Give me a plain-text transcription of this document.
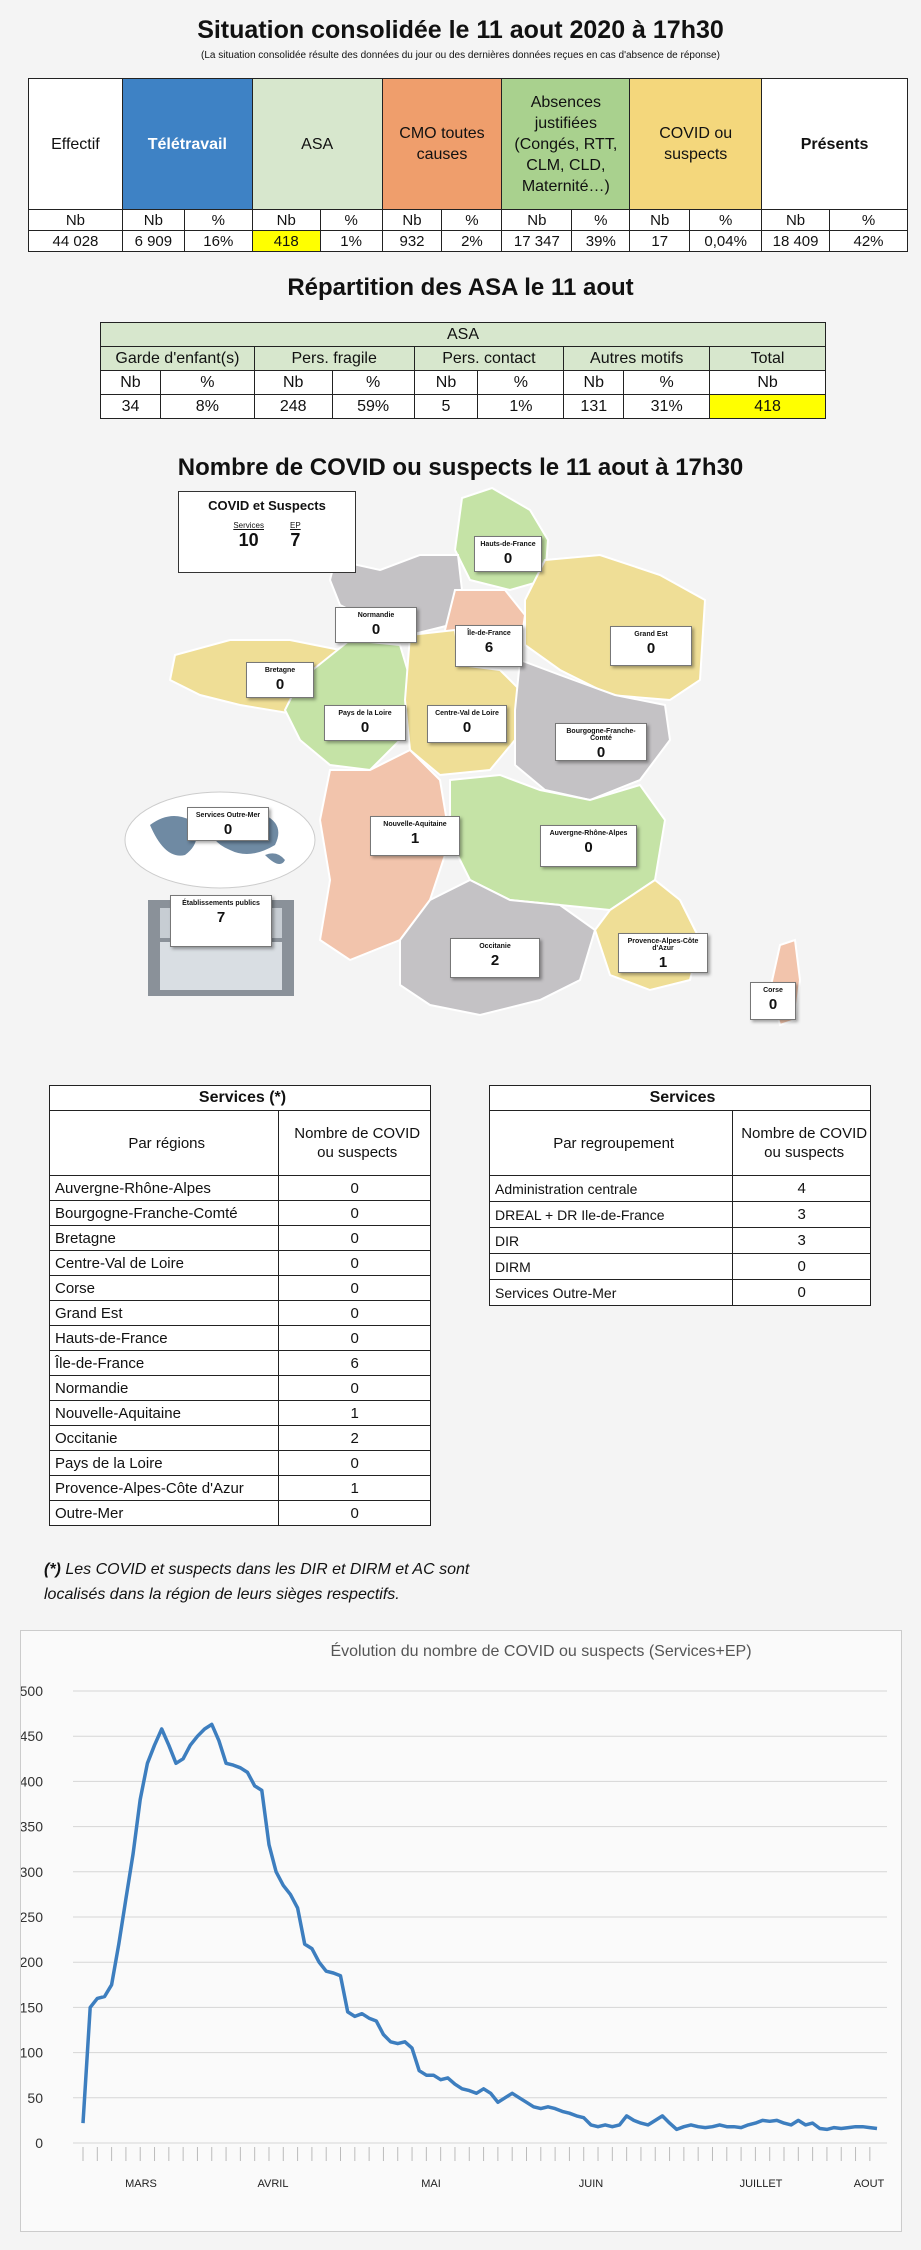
Situation consolidée le 11 aout 2020 à 17h30
(La situation consolidée résulte des données du jour ou des dernières données reçues en cas d'absence de réponse)
Effectif	Télétravail		ASA		CMO toutes causes		Absences justifiées (Congés, RTT, CLM, CLD, Maternité…)		COVID ou suspects		Présents	
Nb	Nb	%	Nb	%	Nb	%	Nb	%	Nb	%	Nb	%
44 028	6 909	16%	418	1%	932	2%	17 347	39%	17	0,04%	18 409	42%
Répartition des ASA le 11 aout
ASA								
Garde d'enfant(s)		Pers. fragile		Pers. contact		Autres motifs		Total
Nb	%	Nb	%	Nb	%	Nb	%	Nb
34	8%	248	59%	5	1%	131	31%	418
Nombre de COVID ou suspects le 11 aout à 17h30
COVID et Suspects
Services
10
EP
7	Hauts-de-France
0
Normandie
0	Île-de-France
6
Grand Est
0
Bretagne
0
Pays de la Loire
0
Centre-Val de Loire
0	Bourgogne-Franche-Comté
0
Services Outre-Mer
0	Nouvelle-Aquitaine
1	Auvergne-Rhône-Alpes
0
Établissements publics
7
Occitanie
2
Provence-Alpes-Côte d'Azur
1
Corse
0
Services (*)	
Par régions	Nombre de COVID ou suspects
Auvergne-Rhône-Alpes	0
Bourgogne-Franche-Comté	0
Bretagne	0
Centre-Val de Loire	0
Corse	0
Grand Est	0
Hauts-de-France	0
Île-de-France	6
Normandie	0
Nouvelle-Aquitaine	1
Occitanie	2
Pays de la Loire	0
Provence-Alpes-Côte d'Azur	1
Outre-Mer	0
Services	
Par regroupement	Nombre de COVID ou suspects
Administration centrale	4
DREAL + DR Ile-de-France	3
DIR	3
DIRM	0
Services Outre-Mer	0
(*) Les COVID et suspects dans les DIR et DIRM et AC sont localisés dans la région de leurs sièges respectifs.
Évolution du nombre de COVID ou suspects (Services+EP)
0
50
100
150
200
250
300
350
400
450
500
MARS	AVRIL	MAI	JUIN	JUILLET	AOUT
